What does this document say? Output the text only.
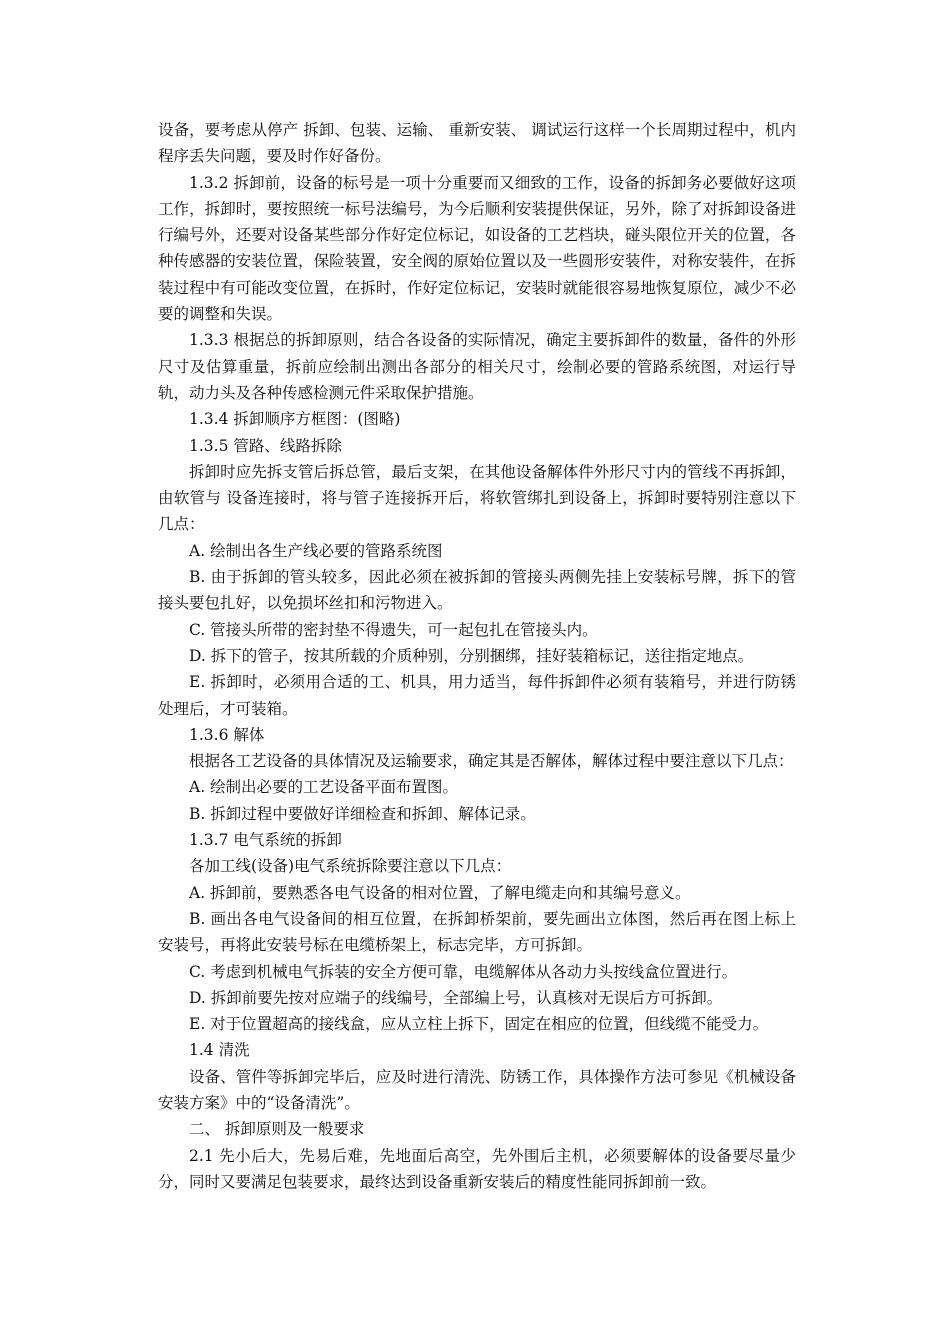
设备，要考虑从停产 拆卸、包装、运输、 重新安装、 调试运行这样一个长周期过程中，机内程序丢失问题，要及时作好备份。

1.3.2 拆卸前，设备的标号是一项十分重要而又细致的工作，设备的拆卸务必要做好这项工作，拆卸时，要按照统一标号法编号，为今后顺利安装提供保证，另外，除了对拆卸设备进行编号外，还要对设备某些部分作好定位标记，如设备的工艺档块，碰头限位开关的位置，各种传感器的安装位置，保险装置，安全阀的原始位置以及一些圆形安装件，对称安装件，在拆装过程中有可能改变位置，在拆时，作好定位标记，安装时就能很容易地恢复原位，减少不必要的调整和失误。

1.3.3 根据总的拆卸原则，结合各设备的实际情况，确定主要拆卸件的数量，备件的外形尺寸及估算重量，拆前应绘制出测出各部分的相关尺寸，绘制必要的管路系统图，对运行导轨，动力头及各种传感检测元件采取保护措施。

1.3.4 拆卸顺序方框图：(图略)

1.3.5 管路、线路拆除

拆卸时应先拆支管后拆总管，最后支架，在其他设备解体件外形尺寸内的管线不再拆卸，由软管与 设备连接时，将与管子连接拆开后，将软管绑扎到设备上，拆卸时要特别注意以下几点：

A. 绘制出各生产线必要的管路系统图

B. 由于拆卸的管头较多，因此必须在被拆卸的管接头两侧先挂上安装标号牌，拆下的管接头要包扎好，以免损坏丝扣和污物进入。

C. 管接头所带的密封垫不得遗失，可一起包扎在管接头内。

D. 拆下的管子，按其所载的介质种别，分别捆绑，挂好装箱标记，送往指定地点。

E. 拆卸时，必须用合适的工、机具，用力适当，每件拆卸件必须有装箱号，并进行防锈处理后，才可装箱。

1.3.6 解体

根据各工艺设备的具体情况及运输要求，确定其是否解体，解体过程中要注意以下几点：

A. 绘制出必要的工艺设备平面布置图。

B. 拆卸过程中要做好详细检查和拆卸、解体记录。

1.3.7 电气系统的拆卸

各加工线(设备)电气系统拆除要注意以下几点：

A. 拆卸前，要熟悉各电气设备的相对位置，了解电缆走向和其编号意义。

B. 画出各电气设备间的相互位置，在拆卸桥架前，要先画出立体图，然后再在图上标上安装号，再将此安装号标在电缆桥架上，标志完毕，方可拆卸。

C. 考虑到机械电气拆装的安全方便可靠，电缆解体从各动力头按线盒位置进行。

D. 拆卸前要先按对应端子的线编号，全部编上号，认真核对无误后方可拆卸。

E. 对于位置超高的接线盒，应从立柱上拆下，固定在相应的位置，但线缆不能受力。

1.4 清洗

设备、管件等拆卸完毕后，应及时进行清洗、防锈工作，具体操作方法可参见《机械设备安装方案》中的“设备清洗”。

二、 拆卸原则及一般要求

2.1 先小后大，先易后难，先地面后高空，先外围后主机，必须要解体的设备要尽量少分，同时又要满足包装要求，最终达到设备重新安装后的精度性能同拆卸前一致。
